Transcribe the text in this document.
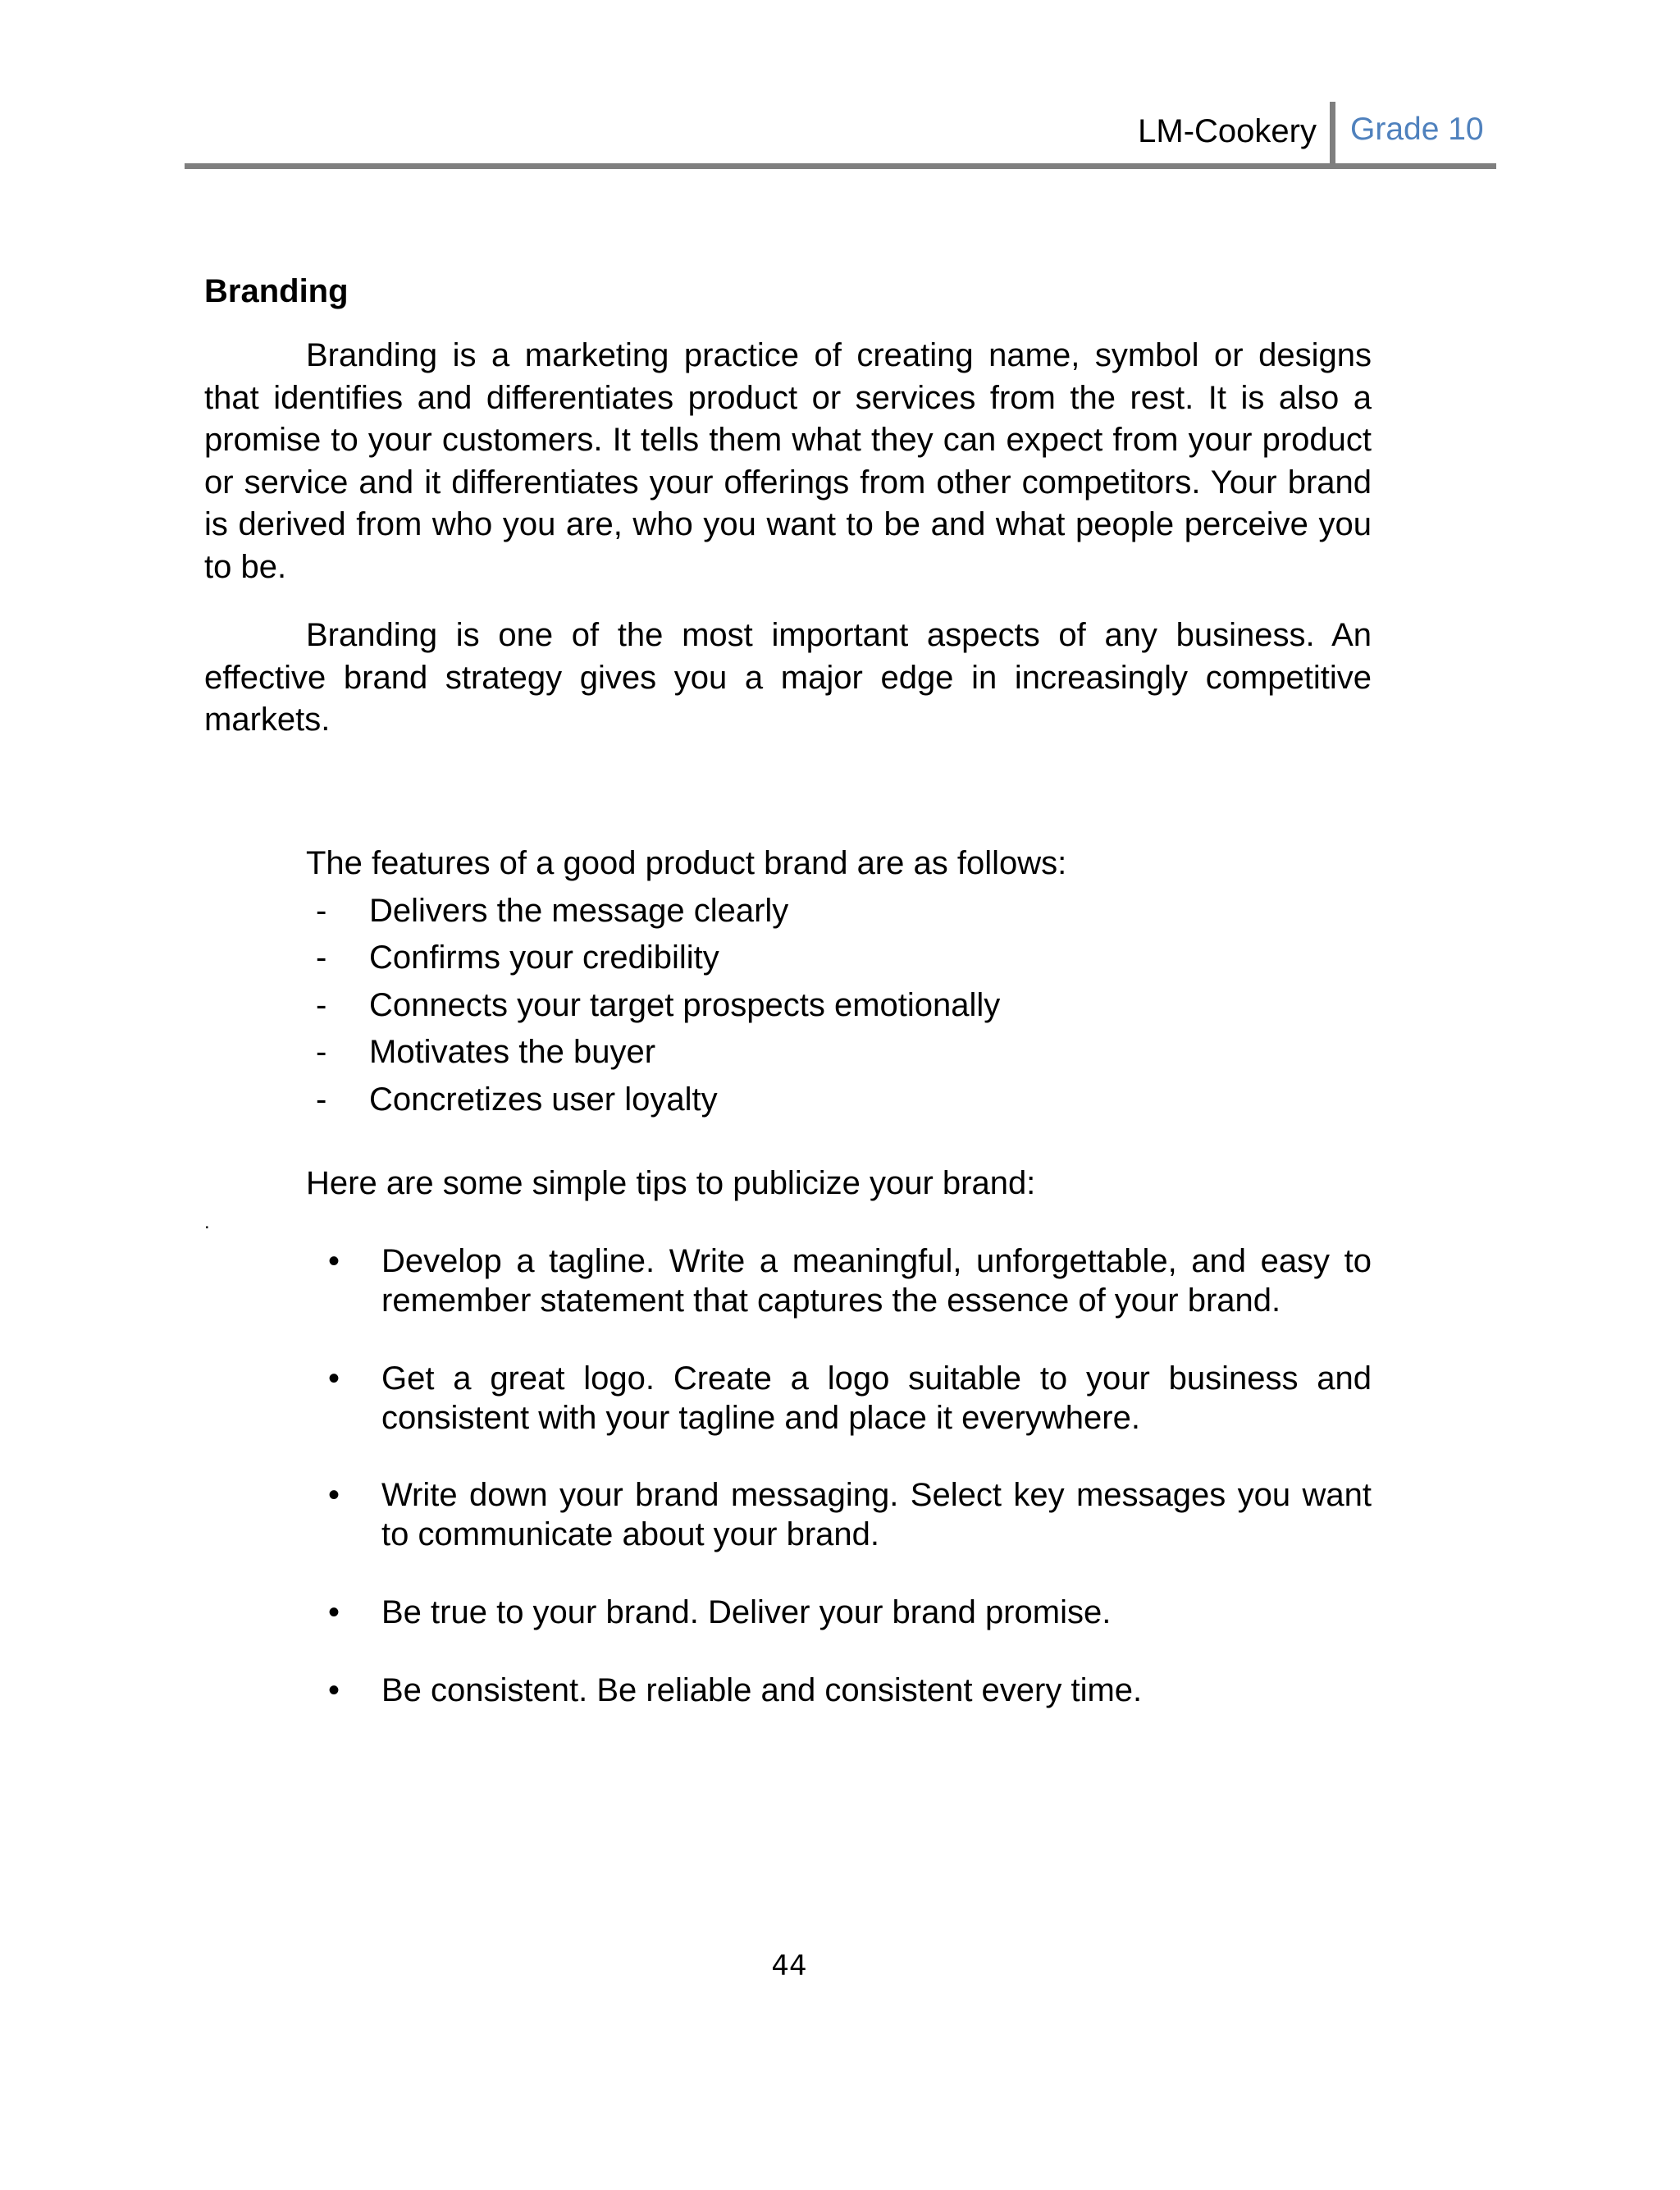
LM-Cookery Grade 10
Branding
Branding is a marketing practice of creating name, symbol or designs that identifies and differentiates product or services from the rest. It is also a promise to your customers. It tells them what they can expect from your product or service and it differentiates your offerings from other competitors. Your brand is derived from who you are, who you want to be and what people perceive you to be.
Branding is one of the most important aspects of any business. An effective brand strategy gives you a major edge in increasingly competitive markets.
The features of a good product brand are as follows:
- Delivers the message clearly
- Confirms your credibility
- Connects your target prospects emotionally
- Motivates the buyer
- Concretizes user loyalty
Here are some simple tips to publicize your brand:
.
•	Develop a tagline. Write a meaningful, unforgettable, and easy to remember statement that captures the essence of your brand.
•	Get a great logo. Create a logo suitable to your business and consistent with your tagline and place it everywhere.
•	Write down your brand messaging. Select key messages you want to communicate about your brand.
•	Be true to your brand. Deliver your brand promise.
•	Be consistent. Be reliable and consistent every time.
44
